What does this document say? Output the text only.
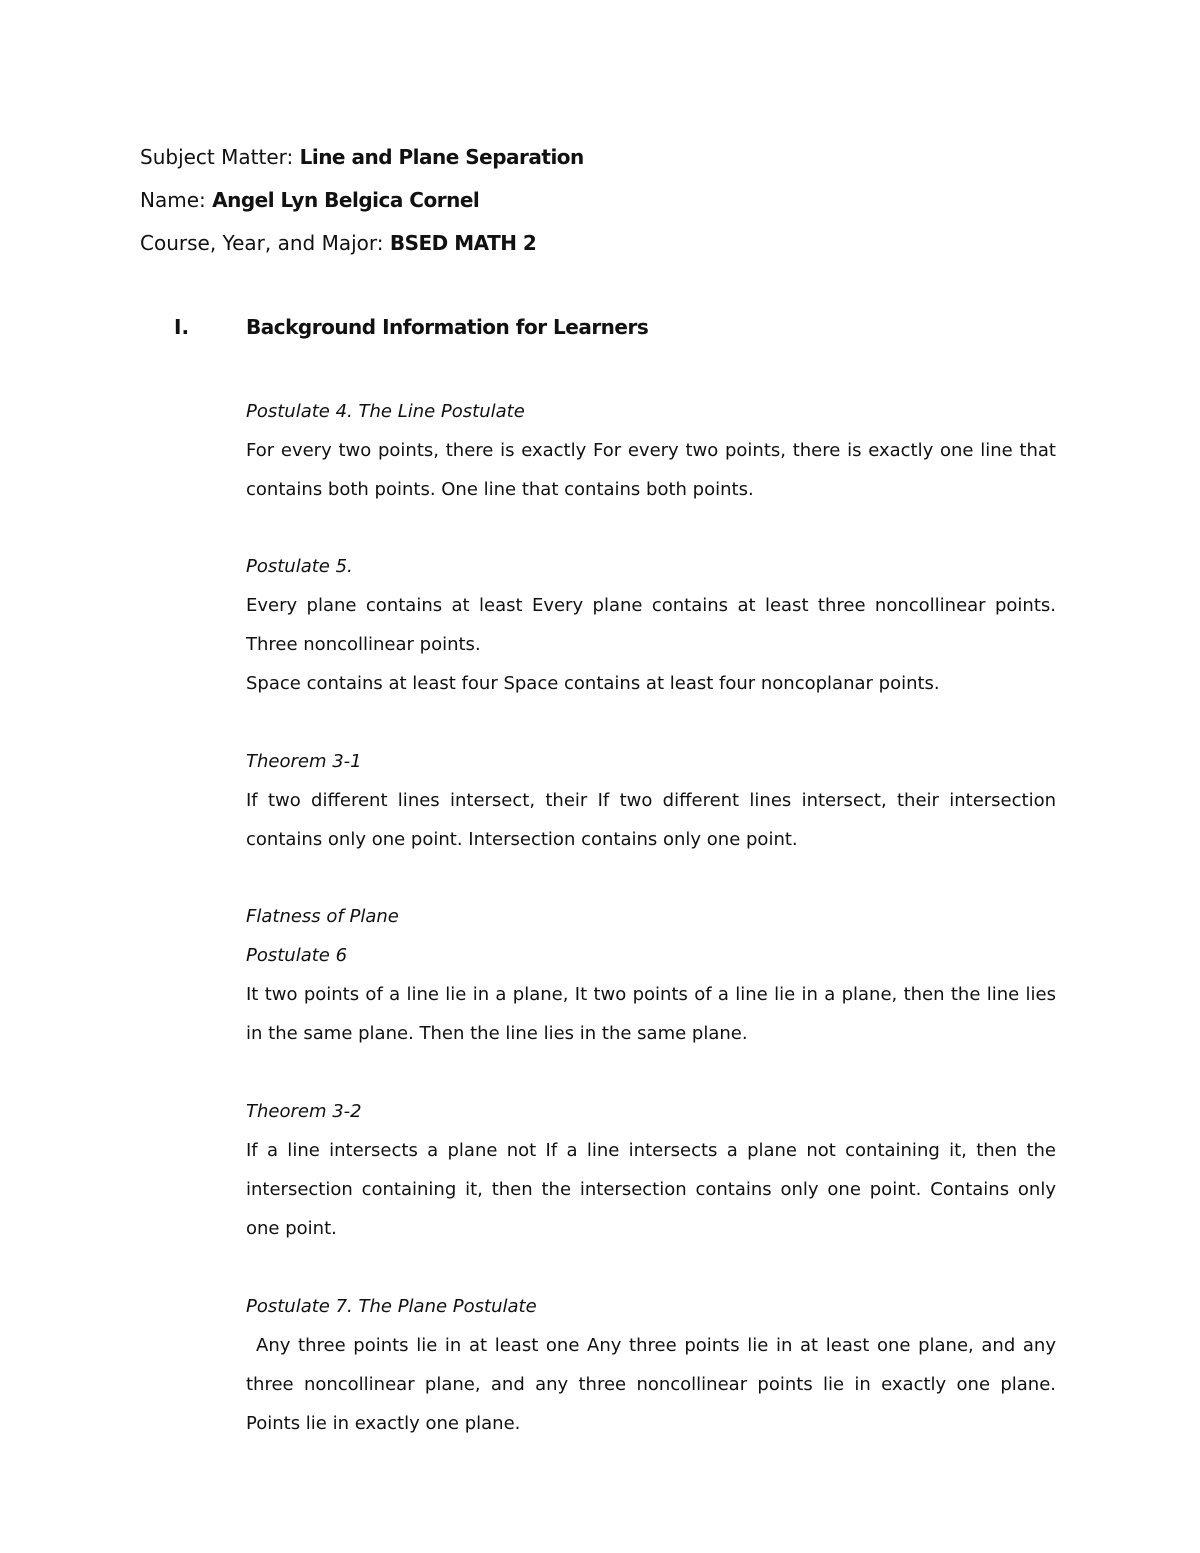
Subject Matter: Line and Plane Separation
Name: Angel Lyn Belgica Cornel
Course, Year, and Major: BSED MATH 2
I.	Background Information for Learners
Postulate 4. The Line Postulate
For every two points, there is exactly For every two points, there is exactly one line that contains both points. One line that contains both points.
Postulate 5.

Every plane contains at least Every plane contains at least three noncollinear points. Three noncollinear points.

Space contains at least four Space contains at least four noncoplanar points.

Theorem 3-1
If two different lines intersect, their If two different lines intersect, their intersection contains only one point. Intersection contains only one point.
Flatness of Plane
Postulate 6
It two points of a line lie in a plane, It two points of a line lie in a plane, then the line lies in the same plane. Then the line lies in the same plane.
Theorem 3-2
If a line intersects a plane not If a line intersects a plane not containing it, then the intersection containing it, then the intersection contains only one point. Contains only one point.
Postulate 7. The Plane Postulate
Any three points lie in at least one Any three points lie in at least one plane, and any three noncollinear plane, and any three noncollinear points lie in exactly one plane. Points lie in exactly one plane.
